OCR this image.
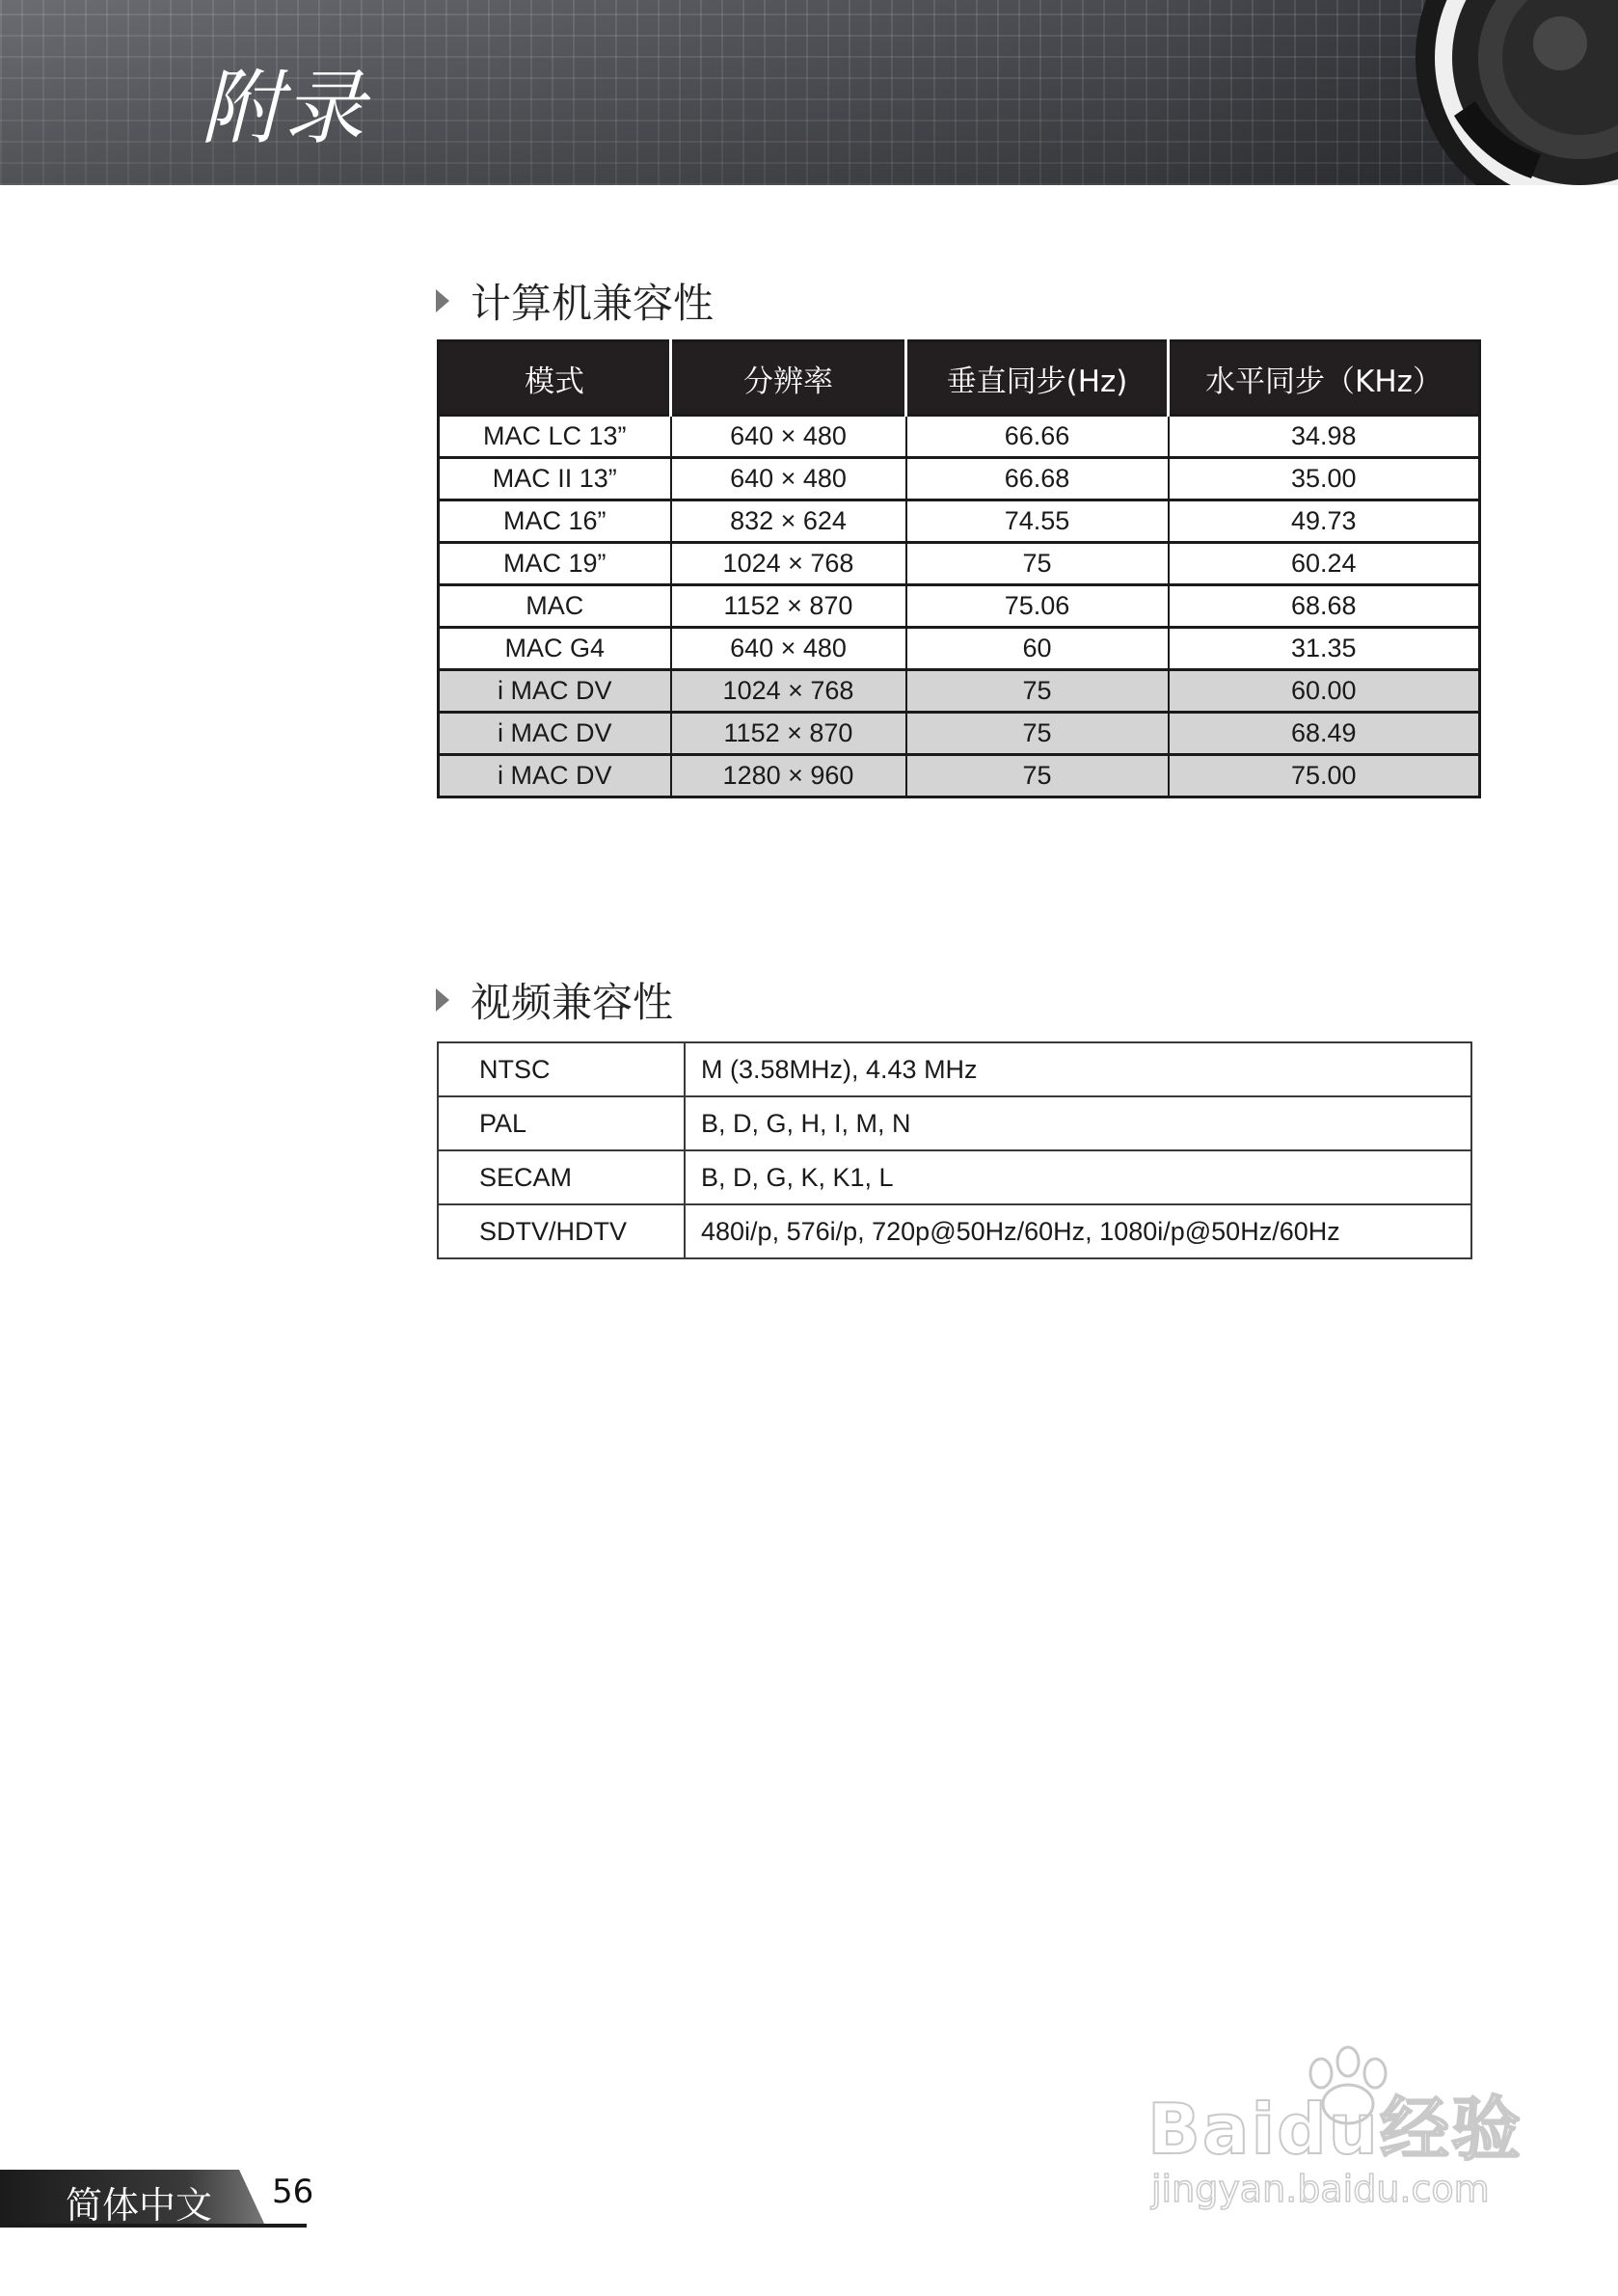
附录
计算机兼容性
模式	分辨率	垂直同步(Hz)	水平同步（KHz）
MAC LC 13”	640 × 480	66.66	34.98
MAC II 13”	640 × 480	66.68	35.00
MAC 16”	832 × 624	74.55	49.73
MAC 19”	1024 × 768	75	60.24
MAC	1152 × 870	75.06	68.68
MAC G4	640 × 480	60	31.35
i MAC DV	1024 × 768	75	60.00
i MAC DV	1152 × 870	75	68.49
i MAC DV	1280 × 960	75	75.00
视频兼容性
NTSC	M (3.58MHz), 4.43 MHz
PAL	B, D, G, H, I, M, N
SECAM	B, D, G, K, K1, L
SDTV/HDTV	480i/p, 576i/p, 720p@50Hz/60Hz, 1080i/p@50Hz/60Hz
简体中文 56
Baidu经验
jingyan.baidu.com
